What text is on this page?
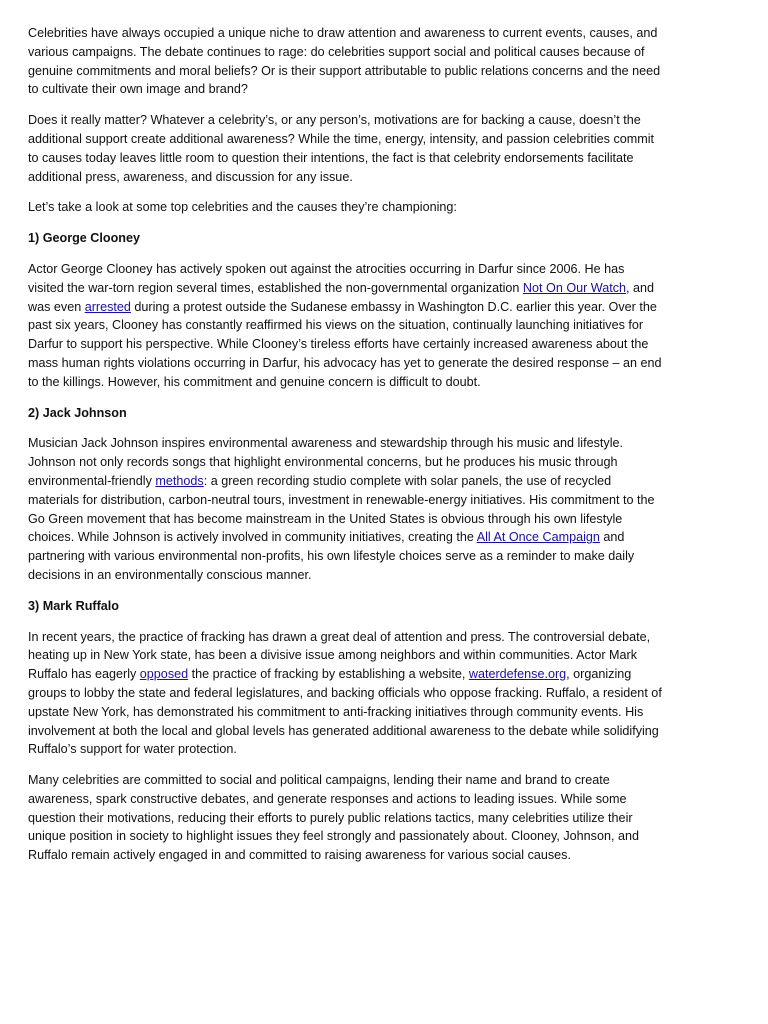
Celebrities have always occupied a unique niche to draw attention and awareness to current events, causes, and various campaigns. The debate continues to rage: do celebrities support social and political causes because of genuine commitments and moral beliefs? Or is their support attributable to public relations concerns and the need to cultivate their own image and brand?

Does it really matter? Whatever a celebrity’s, or any person’s, motivations are for backing a cause, doesn’t the additional support create additional awareness? While the time, energy, intensity, and passion celebrities commit to causes today leaves little room to question their intentions, the fact is that celebrity endorsements facilitate additional press, awareness, and discussion for any issue.

Let’s take a look at some top celebrities and the causes they’re championing:

1) George Clooney

Actor George Clooney has actively spoken out against the atrocities occurring in Darfur since 2006. He has visited the war-torn region several times, established the non-governmental organization Not On Our Watch, and was even arrested during a protest outside the Sudanese embassy in Washington D.C. earlier this year. Over the past six years, Clooney has constantly reaffirmed his views on the situation, continually launching initiatives for Darfur to support his perspective. While Clooney’s tireless efforts have certainly increased awareness about the mass human rights violations occurring in Darfur, his advocacy has yet to generate the desired response – an end to the killings. However, his commitment and genuine concern is difficult to doubt.

2) Jack Johnson

Musician Jack Johnson inspires environmental awareness and stewardship through his music and lifestyle. Johnson not only records songs that highlight environmental concerns, but he produces his music through environmental-friendly methods: a green recording studio complete with solar panels, the use of recycled materials for distribution, carbon-neutral tours, investment in renewable-energy initiatives. His commitment to the Go Green movement that has become mainstream in the United States is obvious through his own lifestyle choices. While Johnson is actively involved in community initiatives, creating the All At Once Campaign and partnering with various environmental non-profits, his own lifestyle choices serve as a reminder to make daily decisions in an environmentally conscious manner.

3) Mark Ruffalo

In recent years, the practice of fracking has drawn a great deal of attention and press. The controversial debate, heating up in New York state, has been a divisive issue among neighbors and within communities. Actor Mark Ruffalo has eagerly opposed the practice of fracking by establishing a website, waterdefense.org, organizing groups to lobby the state and federal legislatures, and backing officials who oppose fracking. Ruffalo, a resident of upstate New York, has demonstrated his commitment to anti-fracking initiatives through community events. His involvement at both the local and global levels has generated additional awareness to the debate while solidifying Ruffalo’s support for water protection.

Many celebrities are committed to social and political campaigns, lending their name and brand to create awareness, spark constructive debates, and generate responses and actions to leading issues. While some question their motivations, reducing their efforts to purely public relations tactics, many celebrities utilize their unique position in society to highlight issues they feel strongly and passionately about. Clooney, Johnson, and Ruffalo remain actively engaged in and committed to raising awareness for various social causes.
